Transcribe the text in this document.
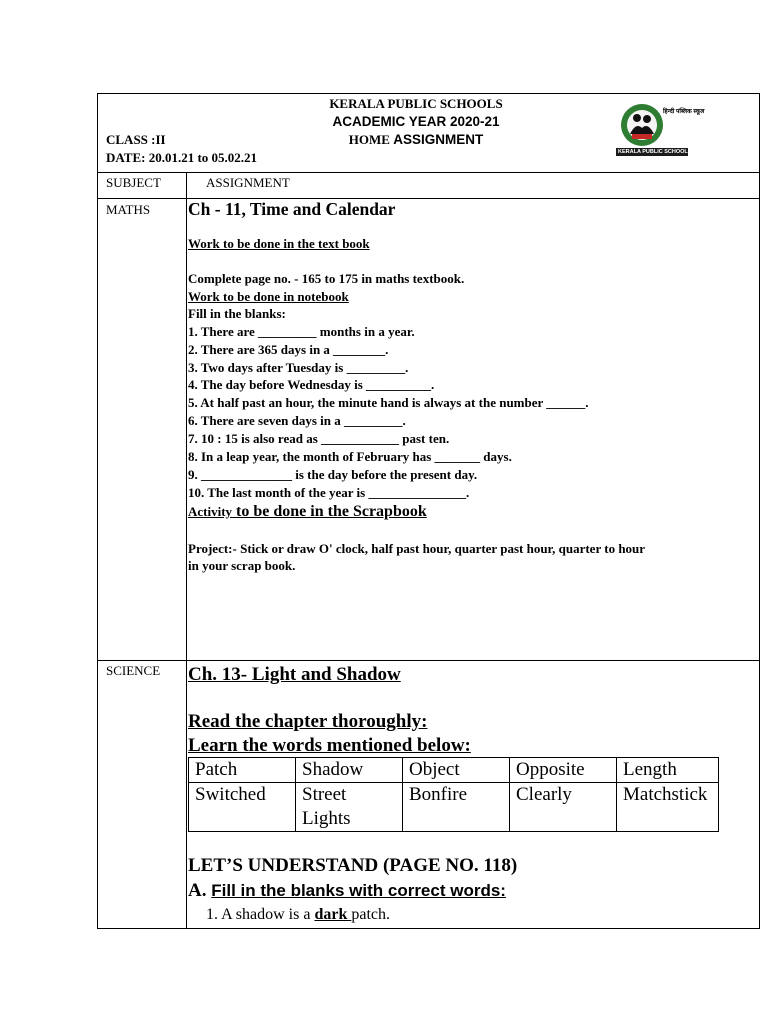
KERALA PUBLIC SCHOOLS
ACADEMIC YEAR 2020-21
HOME ASSIGNMENT
CLASS :II
DATE: 20.01.21 to 05.02.21
हिन्दी पब्लिक स्कूल
KERALA PUBLIC SCHOOLS
SUBJECT	ASSIGNMENT
MATHS Ch - 11, Time and Calendar
Work to be done in the text book
Complete page no. - 165 to 175 in maths textbook.
Work to be done in notebook
Fill in the blanks:
1. There are _________ months in a year.
2. There are 365 days in a ________.
3. Two days after Tuesday is _________.
4. The day before Wednesday is __________.
5. At half past an hour, the minute hand is always at the number ______.
6. There are seven days in a _________.
7. 10 : 15 is also read as ____________ past ten.
8. In a leap year, the month of February has _______ days.
9. ______________ is the day before the present day.
10. The last month of the year is _______________.
Activity to be done in the Scrapbook
Project:- Stick or draw O' clock, half past hour, quarter past hour, quarter to hour
in your scrap book.
SCIENCE Ch. 13- Light and Shadow
Read the chapter thoroughly:
Learn the words mentioned below:
Patch	Shadow	Object	Opposite	Length
Switched	Street
Lights	Bonfire	Clearly	Matchstick
LET’S UNDERSTAND (PAGE NO. 118)
A. Fill in the blanks with correct words:
1. A shadow is a dark patch.
